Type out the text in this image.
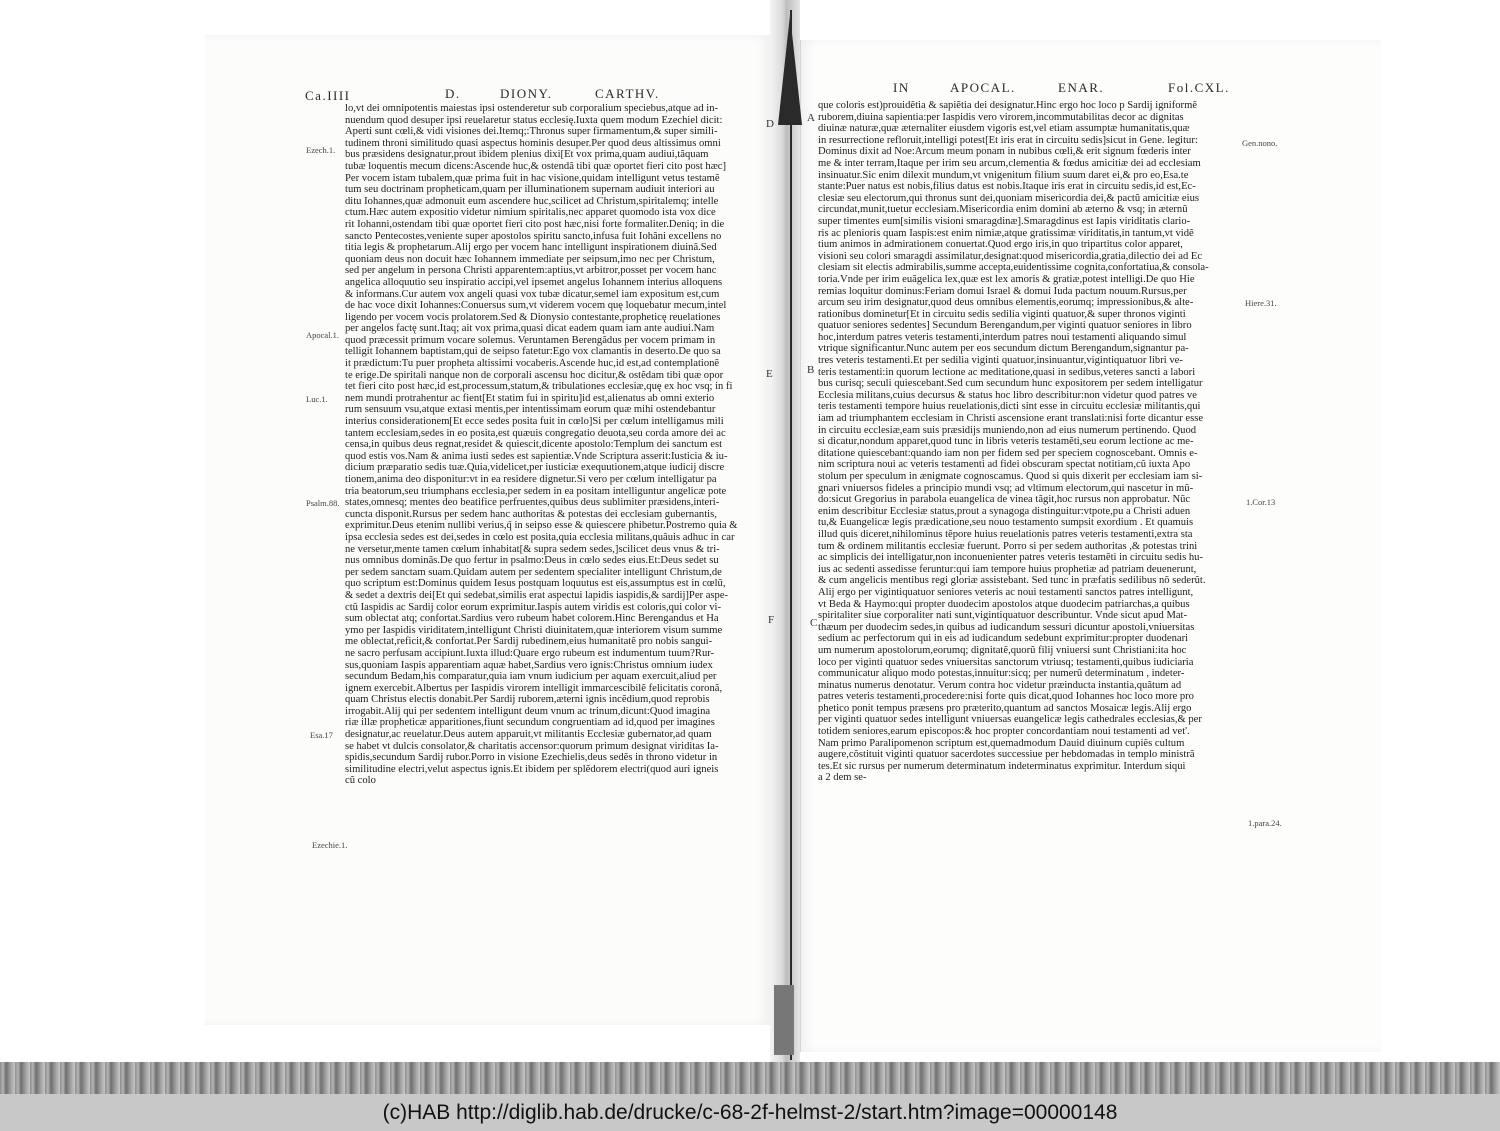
Ca.IIII	D.	DIONY.	CARTHV.	IN	APOCAL.	ENAR.	Fol.CXL.
lo,vt dei omnipotentis maiestas ipsi ostenderetur sub corporalium speciebus,atque ad in-
nuendum quod desuper ipsi reuelaretur status ecclesię.Iuxta quem modum Ezechiel dicit:
Aperti sunt cœli,& vidi visiones dei.Itemq;:Thronus super firmamentum,& super simili-
tudinem throni similitudo quasi aspectus hominis desuper.Per quod deus altissimus omni
bus præsidens designatur,prout ibidem plenius dixi[Et vox prima,quam audiui,tãquam
tubæ loquentis mecum dicens:Ascende huc,& ostendã tibi quæ oportet fieri cito post hæc]
Per vocem istam tubalem,quæ prima fuit in hac visione,quidam intelligunt vetus testamẽ
tum seu doctrinam propheticam,quam per illuminationem supernam audiuit interiori au
ditu Iohannes,quæ admonuit eum ascendere huc,scilicet ad Christum,spiritalemq; intelle
ctum.Hæc autem expositio videtur nimium spiritalis,nec apparet quomodo ista vox dice
rit Iohanni,ostendam tibi quæ oportet fieri cito post hæc,nisi forte formaliter.Deniq; in die
sancto Pentecostes,veniente super apostolos spiritu sancto,infusa fuit Iohãni excellens no
titia legis & prophetarum.Alij ergo per vocem hanc intelligunt inspirationem diuinã.Sed
quoniam deus non docuit hæc Iohannem immediate per seipsum,imo nec per Christum,
sed per angelum in persona Christi apparentem:aptius,vt arbitror,posset per vocem hanc
angelica alloquutio seu inspiratio accipi,vel ipsemet angelus Iohannem interius alloquens
& informans.Cur autem vox angeli quasi vox tubæ dicatur,semel iam expositum est,cum
de hac voce dixit Iohannes:Conuersus sum,vt viderem vocem quę loquebatur mecum,intel
ligendo per vocem vocis prolatorem.Sed & Dionysio contestante,propheticę reuelationes
per angelos factę sunt.Itaq; ait vox prima,quasi dicat eadem quam iam ante audiui.Nam
quod præcessit primum vocare solemus. Veruntamen Berengãdus per vocem primam in
telligit Iohannem baptistam,qui de seipso fatetur:Ego vox clamantis in deserto.De quo sa
it prædictum:Tu puer propheta altissimi vocaberis.Ascende huc,id est,ad contemplationẽ
te erige.De spiritali nanque non de corporali ascensu hoc dicitur,& ostẽdam tibi quæ opor
tet fieri cito post hæc,id est,processum,statum,& tribulationes ecclesiæ,quę ex hoc vsq; in fi
nem mundi protrahentur ac fient[Et statim fui in spiritu]id est,alienatus ab omni exterio
rum sensuum vsu,atque extasi mentis,per intentissimam eorum quæ mihi ostendebantur
interius considerationem[Et ecce sedes posita fuit in cœlo]Si per cœlum intelligamus mili
tantem ecclesiam,sedes in eo posita,est quæuis congregatio deuota,seu corda amore dei ac
censa,in quibus deus regnat,residet & quiescit,dicente apostolo:Templum dei sanctum est
quod estis vos.Nam & anima iusti sedes est sapientiæ.Vnde Scriptura asserit:Iusticia & iu-
dicium præparatio sedis tuæ.Quia,videlicet,per iusticiæ exequutionem,atque iudicij discre
tionem,anima deo disponitur:vt in ea residere dignetur.Si vero per cœlum intelligatur pa
tria beatorum,seu triumphans ecclesia,per sedem in ea positam intelliguntur angelicæ pote
states,omnesq; mentes deo beatifice perfruentes,quibus deus sublimiter præsidens,interi-
cuncta disponit.Rursus per sedem hanc authoritas & potestas dei ecclesiam gubernantis,
exprimitur.Deus etenim nullibi verius,q̃ in seipso esse & quiescere phibetur.Postremo quia &
ipsa ecclesia sedes est dei,sedes in cœlo est posita,quia ecclesia militans,quãuis adhuc in car
ne versetur,mente tamen cœlum inhabitat[& supra sedem sedes,]scilicet deus vnus & tri-
nus omnibus dominãs.De quo fertur in psalmo:Deus in cœlo sedes eius.Et:Deus sedet su
per sedem sanctam suam.Quidam autem per sedentem specialiter intelligunt Christum,de
quo scriptum est:Dominus quidem Iesus postquam loquutus est eis,assumptus est in cœlũ,
& sedet a dextris dei[Et qui sedebat,similis erat aspectui lapidis iaspidis,& sardij]Per aspe-
ctũ Iaspidis ac Sardij color eorum exprimitur.Iaspis autem viridis est coloris,qui color vi-
sum oblectat atq; confortat.Sardius vero rubeum habet colorem.Hinc Berengandus et Ha
ymo per Iaspidis viriditatem,intelligunt Christi diuinitatem,quæ interiorem visum summe
me oblectat,reficit,& confortat.Per Sardij rubedinem,eius humanitatẽ pro nobis sangui-
ne sacro perfusam accipiunt.Iuxta illud:Quare ergo rubeum est indumentum tuum?Rur-
sus,quoniam Iaspis apparentiam aquæ habet,Sardius vero ignis:Christus omnium iudex
secundum Bedam,his comparatur,quia iam vnum iudicium per aquam exercuit,aliud per
ignem exercebit.Albertus per Iaspidis virorem intelligit immarcescibilẽ felicitatis coronã,
quam Christus electis donabit.Per Sardij ruborem,æterni ignis incẽdium,quod reprobis
irrogabit.Alij qui per sedentem intelligunt deum vnum ac trinum,dicunt:Quod imagina
riæ illæ propheticæ apparitiones,fiunt secundum congruentiam ad id,quod per imagines
designatur,ac reuelatur.Deus autem apparuit,vt militantis Ecclesiæ gubernator,ad quam
se habet vt dulcis consolator,& charitatis accensor:quorum primum designat viriditas Ia-
spidis,secundum Sardij rubor.Porro in visione Ezechielis,deus sedẽs in throno videtur in
similitudine electri,velut aspectus ignis.Et ibidem per splẽdorem electri(quod auri igneis
cũ colo
que coloris est)prouidẽtia & sapiẽtia dei designatur.Hinc ergo hoc loco p Sardij igniformẽ
ruborem,diuina sapientia:per Iaspidis vero virorem,incommutabilitas decor ac dignitas
diuinæ naturæ,quæ æternaliter eiusdem vigoris est,vel etiam assumptæ humanitatis,quæ
in resurrectione refloruit,intelligi potest[Et iris erat in circuitu sedis]sicut in Gene. legitur:
Dominus dixit ad Noe:Arcum meum ponam in nubibus cœli,& erit signum fœderis inter
me & inter terram,Itaque per irim seu arcum,clementia & fœdus amicitiæ dei ad ecclesiam
insinuatur.Sic enim dilexit mundum,vt vnigenitum filium suum daret ei,& pro eo,Esa.te
stante:Puer natus est nobis,filius datus est nobis.Itaque iris erat in circuitu sedis,id est,Ec-
clesiæ seu electorum,qui thronus sunt dei,quoniam misericordia dei,& pactũ amicitiæ eius
circundat,munit,tuetur ecclesiam.Misericordia enim domini ab æterno & vsq; in æternũ
super timentes eum[similis visioni smaragdinæ].Smaragdinus est Iapis viriditatis clario-
ris ac plenioris quam Iaspis:est enim nimiæ,atque gratissimæ viriditatis,in tantum,vt vidẽ
tium animos in admirationem conuertat.Quod ergo iris,in quo tripartitus color apparet,
visioni seu colori smaragdi assimilatur,designat:quod misericordia,gratia,dilectio dei ad Ec
clesiam sit electis admirabilis,summe accepta,euidentissime cognita,confortatiua,& consola-
toria.Vnde per irim euãgelica lex,quæ est lex amoris & gratiæ,potest intelligi.De quo Hie
remias loquitur dominus:Feriam domui Israel & domui Iuda pactum nouum.Rursus,per
arcum seu irim designatur,quod deus omnibus elementis,eorumq; impressionibus,& alte-
rationibus dominetur[Et in circuitu sedis sedilia viginti quatuor,& super thronos viginti
quatuor seniores sedentes] Secundum Berengandum,per viginti quatuor seniores in libro
hoc,interdum patres veteris testamenti,interdum patres noui testamenti aliquando simul
vtrique significantur.Nunc autem per eos secundum dictum Berengandum,signantur pa-
tres veteris testamenti.Et per sedilia viginti quatuor,insinuantur,vigintiquatuor libri ve-
teris testamenti:in quorum lectione ac meditatione,quasi in sedibus,veteres sancti a labori
bus curisq; seculi quiescebant.Sed cum secundum hunc expositorem per sedem intelligatur
Ecclesia militans,cuius decursus & status hoc libro describitur:non videtur quod patres ve
teris testamenti tempore huius reuelationis,dicti sint esse in circuitu ecclesiæ militantis,qui
iam ad triumphantem ecclesiam in Christi ascensione erant translati:nisi forte dicantur esse
in circuitu ecclesiæ,eam suis præsidijs muniendo,non ad eius numerum pertinendo. Quod
si dicatur,nondum apparet,quod tunc in libris veteris testamẽti,seu eorum lectione ac me-
ditatione quiescebant:quando iam non per fidem sed per speciem cognoscebant. Omnis e-
nim scriptura noui ac veteris testamenti ad fidei obscuram spectat notitiam,cũ iuxta Apo
stolum per speculum in ænigmate cognoscamus. Quod si quis dixerit per ecclesiam iam si-
gnari vniuersos fideles a principio mundi vsq; ad vltimum electorum,qui nascetur in mũ-
do:sicut Gregorius in parabola euangelica de vinea tãgit,hoc rursus non approbatur. Nũc
enim describitur Ecclesiæ status,prout a synagoga distinguitur:vtpote,pu a Christi aduen
tu,& Euangelicæ legis prædicatione,seu nouo testamento sumpsit exordium . Et quamuis
illud quis diceret,nihilominus tẽpore huius reuelationis patres veteris testamenti,extra sta
tum & ordinem militantis ecclesiæ fuerunt. Porro si per sedem authoritas ,& potestas trini
ac simplicis dei intelligatur,non inconuenienter patres veteris testamẽti in circuitu sedis hu-
ius ac sedenti assedisse feruntur:qui iam tempore huius prophetiæ ad patriam deuenerunt,
& cum angelicis mentibus regi gloriæ assistebant. Sed tunc in præfatis sedilibus nõ sederũt.
Alij ergo per vigintiquatuor seniores veteris ac noui testamenti sanctos patres intelligunt,
vt Beda & Haymo:qui propter duodecim apostolos atque duodecim patriarchas,a quibus
spiritaliter siue corporaliter nati sunt,vigintiquatuor describuntur. Vnde sicut apud Mat-
thæum per duodecim sedes,in quibus ad iudicandum sessuri dicuntur apostoli,vniuersitas
sedium ac perfectorum qui in eis ad iudicandum sedebunt exprimitur:propter duodenari
um numerum apostolorum,eorumq; dignitatẽ,quorũ filij vniuersi sunt Christiani:ita hoc
loco per viginti quatuor sedes vniuersitas sanctorum vtriusq; testamenti,quibus iudiciaria
communicatur aliquo modo potestas,innuitur:sicq; per numerũ determinatum , indeter-
minatus numerus denotatur. Verum contra hoc videtur præinducta instantia,quãtum ad
patres veteris testamenti,procedere:nisi forte quis dicat,quod Iohannes hoc loco more pro
phetico ponit tempus præsens pro præterito,quantum ad sanctos Mosaicæ legis.Alij ergo
per viginti quatuor sedes intelligunt vniuersas euangelicæ legis cathedrales ecclesias,& per
totidem seniores,earum episcopos:& hoc propter concordantiam noui testamenti ad vet'.
Nam primo Paralipomenon scriptum est,quemadmodum Dauid diuinum cupiẽs cultum
augere,cõstituit viginti quatuor sacerdotes successiue per hebdomadas in templo ministrã
tes.Et sic rursus per numerum determinatum indeterminatus exprimitur. Interdum siqui
a 2 dem se-
Ezech.1.
Apocal.1.
Luc.1.
Psalm.88.
Esa.17
Ezechie.1.
D
E
F
Gen.nono.
Hiere.31.
1.Cor.13
1.para.24.
A
B
C
(c)HAB http://diglib.hab.de/drucke/c-68-2f-helmst-2/start.htm?image=00000148
